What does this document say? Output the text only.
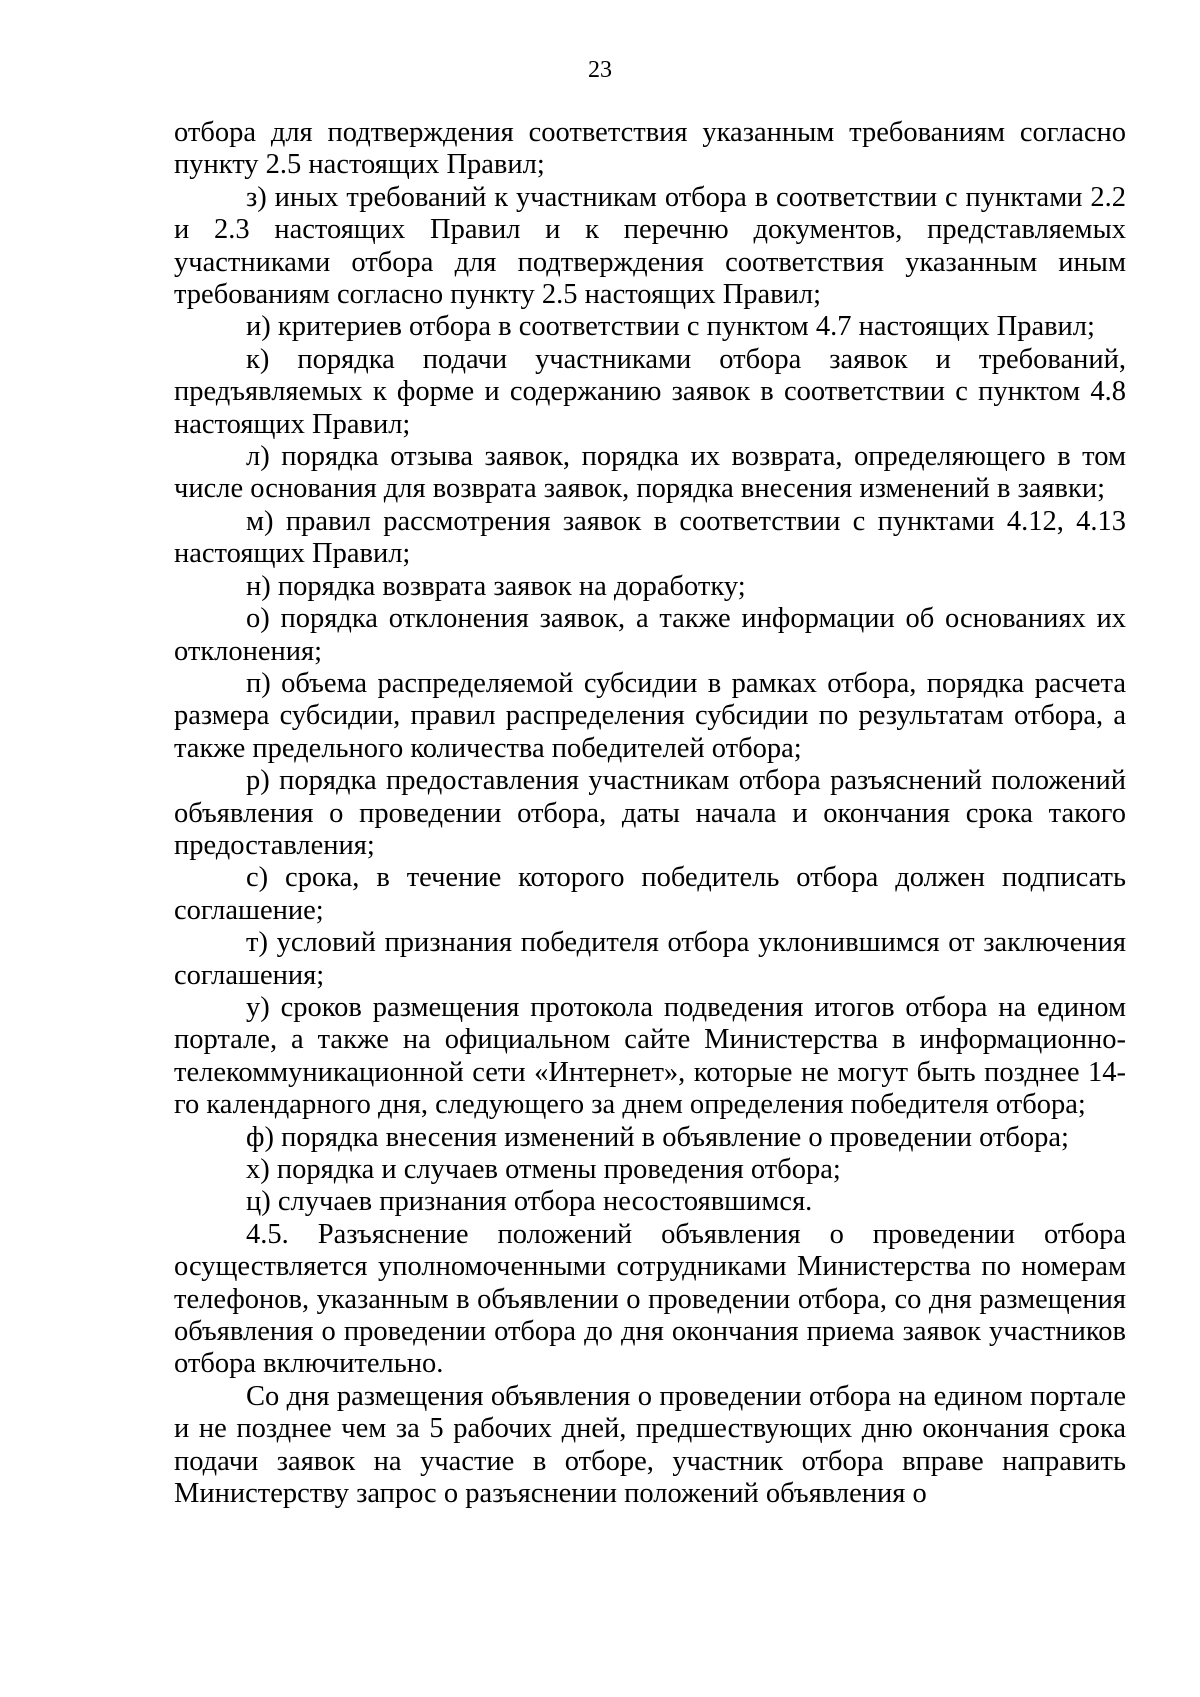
23

отбора для подтверждения соответствия указанным требованиям согласно пункту 2.5 настоящих Правил;

з) иных требований к участникам отбора в соответствии с пунктами 2.2 и 2.3 настоящих Правил и к перечню документов, представляемых участниками отбора для подтверждения соответствия указанным иным требованиям согласно пункту 2.5 настоящих Правил;

и) критериев отбора в соответствии с пунктом 4.7 настоящих Правил;

к) порядка подачи участниками отбора заявок и требований, предъявляемых к форме и содержанию заявок в соответствии с пунктом 4.8 настоящих Правил;

л) порядка отзыва заявок, порядка их возврата, определяющего в том числе основания для возврата заявок, порядка внесения изменений в заявки;

м) правил рассмотрения заявок в соответствии с пунктами 4.12, 4.13 настоящих Правил;

н) порядка возврата заявок на доработку;

о) порядка отклонения заявок, а также информации об основаниях их отклонения;

п) объема распределяемой субсидии в рамках отбора, порядка расчета размера субсидии, правил распределения субсидии по результатам отбора, а также предельного количества победителей отбора;

р) порядка предоставления участникам отбора разъяснений положений объявления о проведении отбора, даты начала и окончания срока такого предоставления;

с) срока, в течение которого победитель отбора должен подписать соглашение;

т) условий признания победителя отбора уклонившимся от заключения соглашения;

у) сроков размещения протокола подведения итогов отбора на едином портале, а также на официальном сайте Министерства в информационно-телекоммуникационной сети «Интернет», которые не могут быть позднее 14-го календарного дня, следующего за днем определения победителя отбора;

ф) порядка внесения изменений в объявление о проведении отбора;

х) порядка и случаев отмены проведения отбора;

ц) случаев признания отбора несостоявшимся.

4.5. Разъяснение положений объявления о проведении отбора осуществляется уполномоченными сотрудниками Министерства по номерам телефонов, указанным в объявлении о проведении отбора, со дня размещения объявления о проведении отбора до дня окончания приема заявок участников отбора включительно.

Со дня размещения объявления о проведении отбора на едином портале и не позднее чем за 5 рабочих дней, предшествующих дню окончания срока подачи заявок на участие в отборе, участник отбора вправе направить Министерству запрос о разъяснении положений объявления о
